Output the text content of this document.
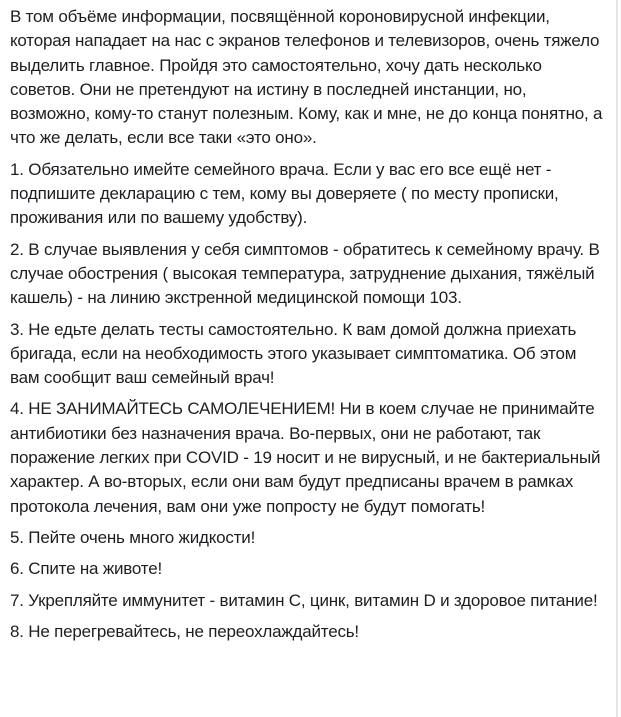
В том объёме информации, посвящённой короновирусной инфекции, которая нападает на нас с экранов телефонов и телевизоров, очень тяжело выделить главное. Пройдя это самостоятельно, хочу дать несколько советов. Они не претендуют на истину в последней инстанции, но, возможно, кому-то станут полезным. Кому, как и мне, не до конца понятно, а что же делать, если все таки «это оно».

1. Обязательно имейте семейного врача. Если у вас его все ещё нет - подпишите декларацию с тем, кому вы доверяете ( по месту прописки, проживания или по вашему удобству).

2. В случае выявления у себя симптомов - обратитесь к семейному врачу. В случае обострения ( высокая температура, затруднение дыхания, тяжёлый кашель) - на линию экстренной медицинской помощи 103.

3. Не едьте делать тесты самостоятельно. К вам домой должна приехать бригада, если на необходимость этого указывает симптоматика. Об этом вам сообщит ваш семейный врач!

4. НЕ ЗАНИМАЙТЕСЬ САМОЛЕЧЕНИЕМ! Ни в коем случае не принимайте антибиотики без назначения врача. Во-первых, они не работают, так поражение легких при COVID - 19 носит и не вирусный, и не бактериальный характер. А во-вторых, если они вам будут предписаны врачем в рамках протокола лечения, вам они уже попросту не будут помогать!

5. Пейте очень много жидкости!

6. Спите на животе!

7. Укрепляйте иммунитет - витамин С, цинк, витамин D и здоровое питание!

8. Не перегревайтесь, не переохлаждайтесь!
